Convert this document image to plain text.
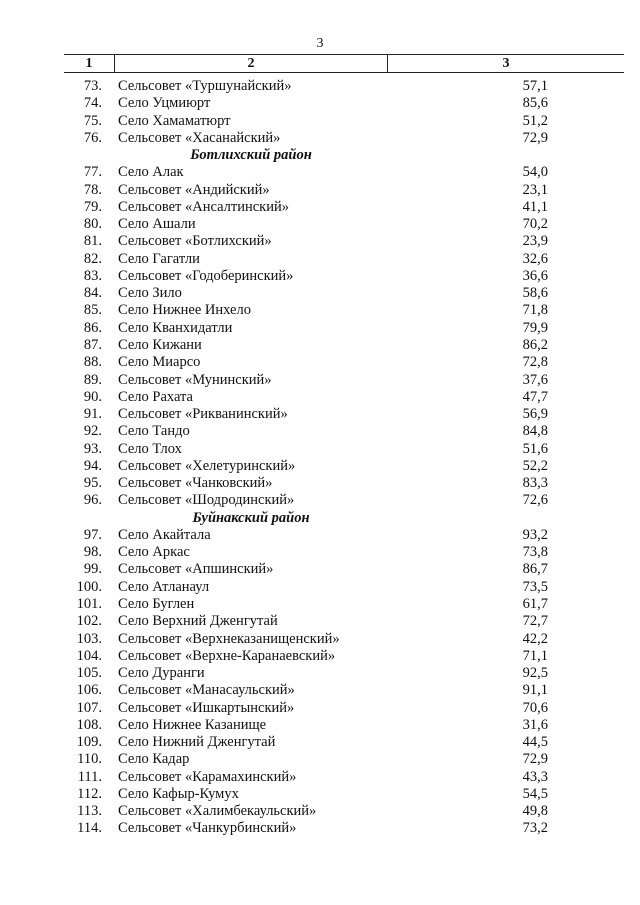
3
1	2	3
73.	Сельсовет «Туршунайский»	57,1
74.	Село Уцмиюрт	85,6
75.	Село Хамаматюрт	51,2
76.	Сельсовет «Хасанайский»	72,9
Ботлихский район
77.	Село Алак	54,0
78.	Сельсовет «Андийский»	23,1
79.	Сельсовет «Ансалтинский»	41,1
80.	Село Ашали	70,2
81.	Сельсовет «Ботлихский»	23,9
82.	Село Гагатли	32,6
83.	Сельсовет «Годоберинский»	36,6
84.	Село Зило	58,6
85.	Село Нижнее Инхело	71,8
86.	Село Кванхидатли	79,9
87.	Село Кижани	86,2
88.	Село Миарсо	72,8
89.	Сельсовет «Мунинский»	37,6
90.	Село Рахата	47,7
91.	Сельсовет «Рикванинский»	56,9
92.	Село Тандо	84,8
93.	Село Тлох	51,6
94.	Сельсовет «Хелетуринский»	52,2
95.	Сельсовет «Чанковский»	83,3
96.	Сельсовет «Шодродинский»	72,6
Буйнакский район
97.	Село Акайтала	93,2
98.	Село Аркас	73,8
99.	Сельсовет «Апшинский»	86,7
100.	Село Атланаул	73,5
101.	Село Буглен	61,7
102.	Село Верхний Дженгутай	72,7
103.	Сельсовет «Верхнеказанищенский»	42,2
104.	Сельсовет «Верхне-Каранаевский»	71,1
105.	Село Дуранги	92,5
106.	Сельсовет «Манасаульский»	91,1
107.	Сельсовет «Ишкартынский»	70,6
108.	Село Нижнее Казанище	31,6
109.	Село Нижний Дженгутай	44,5
110.	Село Кадар	72,9
111.	Сельсовет «Карамахинский»	43,3
112.	Село Кафыр-Кумух	54,5
113.	Сельсовет «Халимбекаульский»	49,8
114.	Сельсовет «Чанкурбинский»	73,2
